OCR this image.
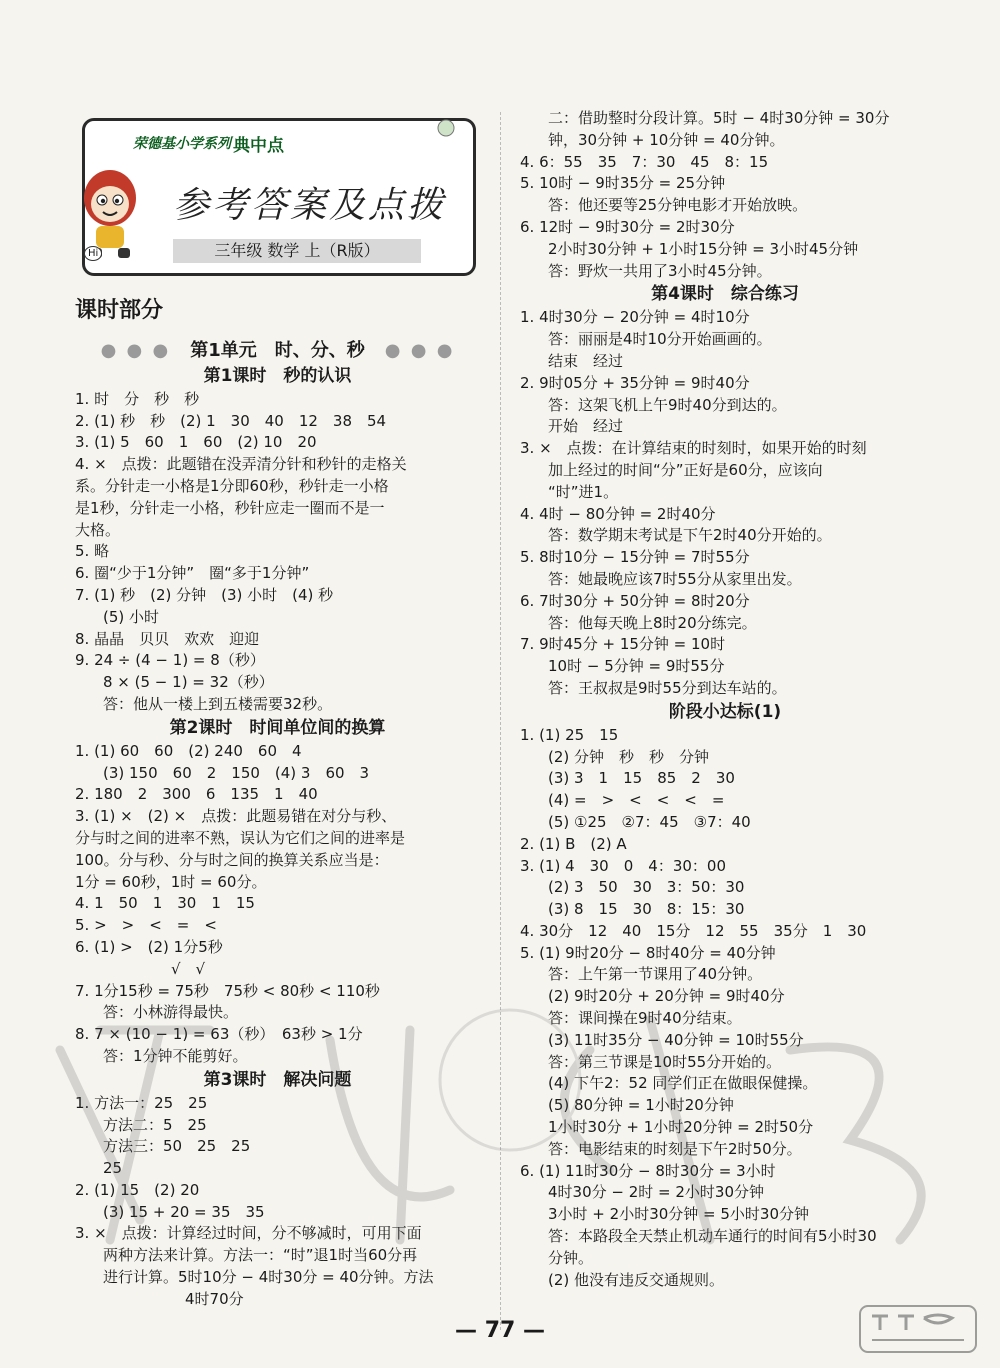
荣德基小学系列 典中点
参考答案及点拨
三年级 数学 上（R版）
Hi
课时部分
● ● ●　第1单元　时、分、秒　● ● ●
第1课时　秒的认识
1. 时　分　秒　秒
2. (1) 秒　秒　(2) 1　30　40　12　38　54
3. (1) 5　60　1　60　(2) 10　20
4. ×　点拨：此题错在没弄清分针和秒针的走格关
系。分针走一小格是1分即60秒，秒针走一小格
是1秒，分针走一小格，秒针应走一圈而不是一
大格。
5. 略
6. 圈“少于1分钟”　圈“多于1分钟”
7. (1) 秒　(2) 分钟　(3) 小时　(4) 秒
(5) 小时
8. 晶晶　贝贝　欢欢　迎迎
9. 24 ÷ (4 − 1) = 8（秒）
8 × (5 − 1) = 32（秒）
答：他从一楼上到五楼需要32秒。
第2课时　时间单位间的换算
1. (1) 60　60　(2) 240　60　4
(3) 150　60　2　150　(4) 3　60　3
2. 180　2　300　6　135　1　40
3. (1) ×　(2) ×　点拨：此题易错在对分与秒、
分与时之间的进率不熟，误认为它们之间的进率是
100。分与秒、分与时之间的换算关系应当是：
1分 = 60秒，1时 = 60分。
4. 1　50　1　30　1　15
5. >　>　<　=　<
6. (1) >　(2) 1分5秒
√　√
7. 1分15秒 = 75秒　75秒 < 80秒 < 110秒
答：小林游得最快。
8. 7 × (10 − 1) = 63（秒）　63秒 > 1分
答：1分钟不能剪好。
第3课时　解决问题
1. 方法一：25　25
方法二：5　25
方法三：50　25　25
25
2. (1) 15　(2) 20
(3) 15 + 20 = 35　35
3. ×　点拨：计算经过时间，分不够减时，可用下面
两种方法来计算。方法一：“时”退1时当60分再
进行计算。5时10分 − 4时30分 = 40分钟。方法
4时70分
二：借助整时分段计算。5时 − 4时30分钟 = 30分
钟，30分钟 + 10分钟 = 40分钟。
4. 6：55　35　7：30　45　8：15
5. 10时 − 9时35分 = 25分钟
答：他还要等25分钟电影才开始放映。
6. 12时 − 9时30分 = 2时30分
2小时30分钟 + 1小时15分钟 = 3小时45分钟
答：野炊一共用了3小时45分钟。
第4课时　综合练习
1. 4时30分 − 20分钟 = 4时10分
答：丽丽是4时10分开始画画的。
结束　经过
2. 9时05分 + 35分钟 = 9时40分
答：这架飞机上午9时40分到达的。
开始　经过
3. ×　点拨：在计算结束的时刻时，如果开始的时刻
加上经过的时间“分”正好是60分，应该向
“时”进1。
4. 4时 − 80分钟 = 2时40分
答：数学期末考试是下午2时40分开始的。
5. 8时10分 − 15分钟 = 7时55分
答：她最晚应该7时55分从家里出发。
6. 7时30分 + 50分钟 = 8时20分
答：他每天晚上8时20分练完。
7. 9时45分 + 15分钟 = 10时
10时 − 5分钟 = 9时55分
答：王叔叔是9时55分到达车站的。
阶段小达标(1)
1. (1) 25　15
(2) 分钟　秒　秒　分钟
(3) 3　1　15　85　2　30
(4) =　>　<　<　<　=
(5) ①25　②7：45　③7：40
2. (1) B　(2) A
3. (1) 4　30　0　4：30：00
(2) 3　50　30　3：50：30
(3) 8　15　30　8：15：30
4. 30分　12　40　15分　12　55　35分　1　30
5. (1) 9时20分 − 8时40分 = 40分钟
答：上午第一节课用了40分钟。
(2) 9时20分 + 20分钟 = 9时40分
答：课间操在9时40分结束。
(3) 11时35分 − 40分钟 = 10时55分
答：第三节课是10时55分开始的。
(4) 下午2：52 同学们正在做眼保健操。
(5) 80分钟 = 1小时20分钟
1小时30分 + 1小时20分钟 = 2时50分
答：电影结束的时刻是下午2时50分。
6. (1) 11时30分 − 8时30分 = 3小时
4时30分 − 2时 = 2小时30分钟
3小时 + 2小时30分钟 = 5小时30分钟
答：本路段全天禁止机动车通行的时间有5小时30
分钟。
(2) 他没有违反交通规则。
— 77 —
